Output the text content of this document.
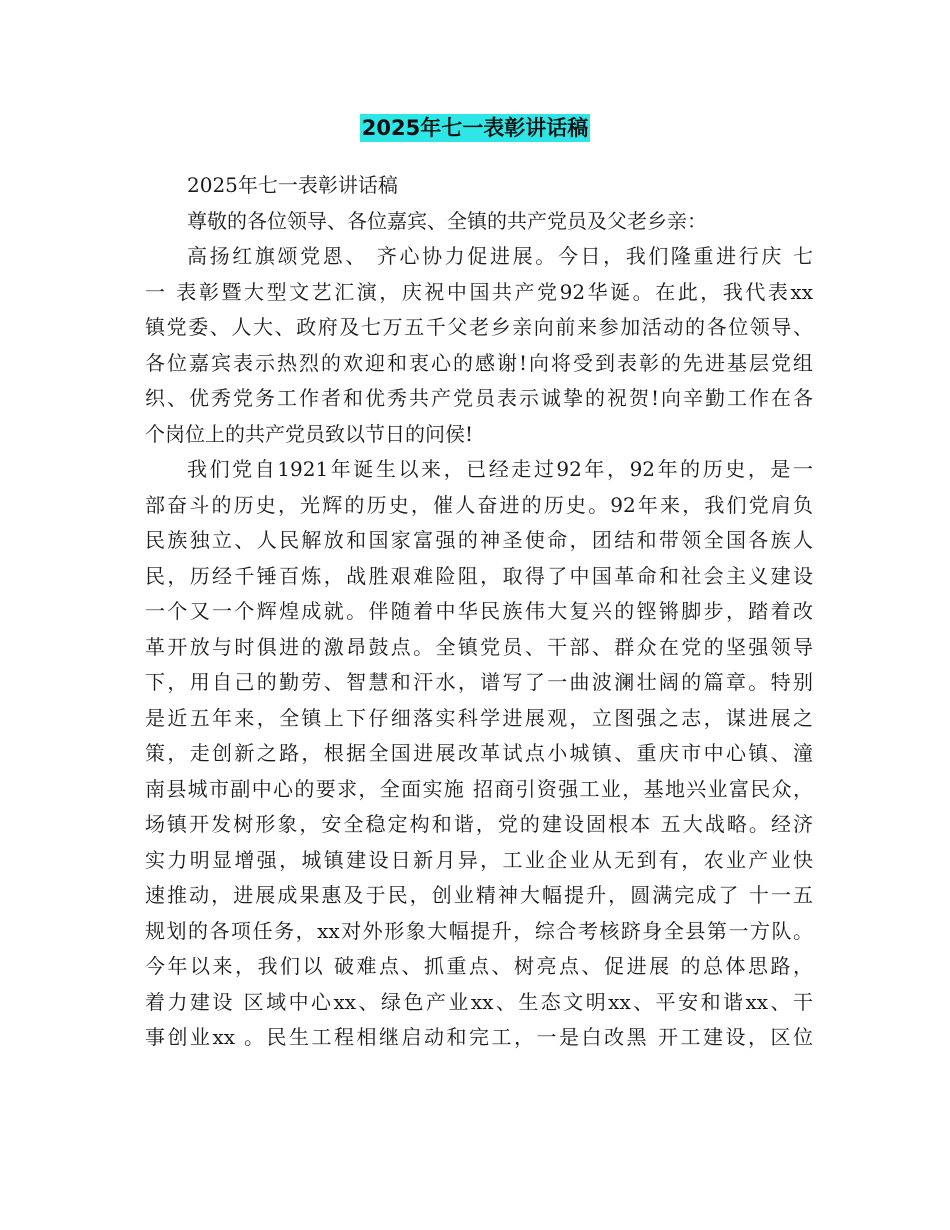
2025年七一表彰讲话稿
2025年七一表彰讲话稿
尊敬的各位领导、各位嘉宾、全镇的共产党员及父老乡亲：
高扬红旗颂党恩、 齐心协力促进展。今日，我们隆重进行庆 七
一 表彰暨大型文艺汇演，庆祝中国共产党92华诞。在此，我代表xx
镇党委、人大、政府及七万五千父老乡亲向前来参加活动的各位领导、
各位嘉宾表示热烈的欢迎和衷心的感谢!向将受到表彰的先进基层党组
织、优秀党务工作者和优秀共产党员表示诚挚的祝贺!向辛勤工作在各
个岗位上的共产党员致以节日的问侯!
我们党自1921年诞生以来，已经走过92年，92年的历史，是一
部奋斗的历史，光辉的历史，催人奋进的历史。92年来，我们党肩负
民族独立、人民解放和国家富强的神圣使命，团结和带领全国各族人
民，历经千锤百炼，战胜艰难险阻，取得了中国革命和社会主义建设
一个又一个辉煌成就。伴随着中华民族伟大复兴的铿锵脚步，踏着改
革开放与时俱进的激昂鼓点。全镇党员、干部、群众在党的坚强领导
下，用自己的勤劳、智慧和汗水，谱写了一曲波澜壮阔的篇章。特别
是近五年来，全镇上下仔细落实科学进展观，立图强之志，谋进展之
策，走创新之路，根据全国进展改革试点小城镇、重庆市中心镇、潼
南县城市副中心的要求，全面实施 招商引资强工业，基地兴业富民众，
场镇开发树形象，安全稳定构和谐，党的建设固根本 五大战略。经济
实力明显增强，城镇建设日新月异，工业企业从无到有，农业产业快
速推动，进展成果惠及于民，创业精神大幅提升，圆满完成了 十一五
规划的各项任务，xx对外形象大幅提升，综合考核跻身全县第一方队。
今年以来，我们以 破难点、抓重点、树亮点、促进展 的总体思路，
着力建设 区域中心xx、绿色产业xx、生态文明xx、平安和谐xx、干
事创业xx 。民生工程相继启动和完工，一是白改黑 开工建设，区位
